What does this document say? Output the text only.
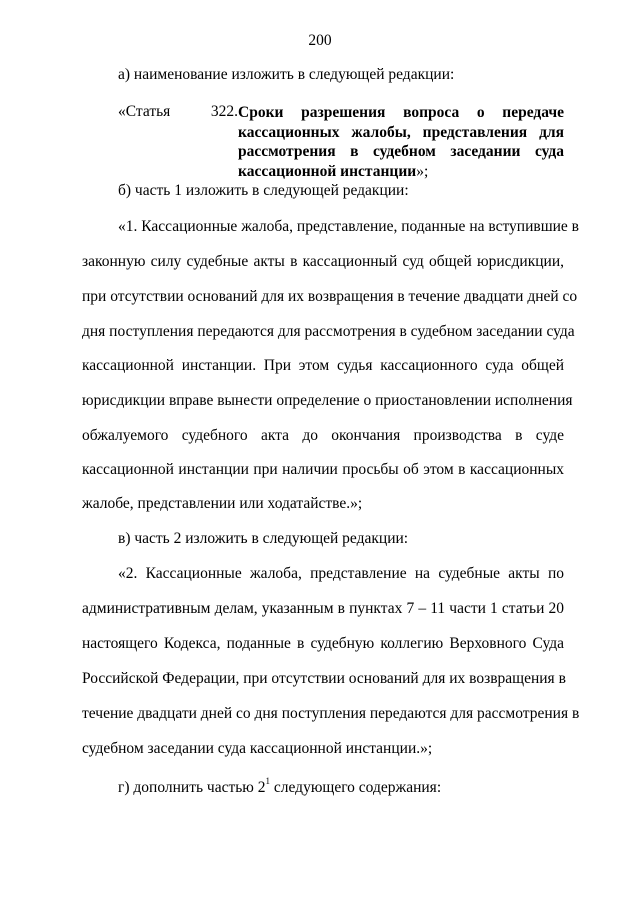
200
а) наименование изложить в следующей редакции:
«Статья	322. Сроки разрешения вопроса о передаче
кассационных жалобы, представления для
рассмотрения в судебном заседании суда
кассационной инстанции»;
б) часть 1 изложить в следующей редакции:
«1. Кассационные жалоба, представление, поданные на вступившие в
законную силу судебные акты в кассационный суд общей юрисдикции,
при отсутствии оснований для их возвращения в течение двадцати дней со
дня поступления передаются для рассмотрения в судебном заседании суда
кассационной инстанции. При этом судья кассационного суда общей
юрисдикции вправе вынести определение о приостановлении исполнения
обжалуемого судебного акта до окончания производства в суде
кассационной инстанции при наличии просьбы об этом в кассационных
жалобе, представлении или ходатайстве.»;
в) часть 2 изложить в следующей редакции:
«2. Кассационные жалоба, представление на судебные акты по
административным делам, указанным в пунктах 7 – 11 части 1 статьи 20
настоящего Кодекса, поданные в судебную коллегию Верховного Суда
Российской Федерации, при отсутствии оснований для их возвращения в
течение двадцати дней со дня поступления передаются для рассмотрения в
судебном заседании суда кассационной инстанции.»;
г) дополнить частью $2^1$ следующего содержания:
